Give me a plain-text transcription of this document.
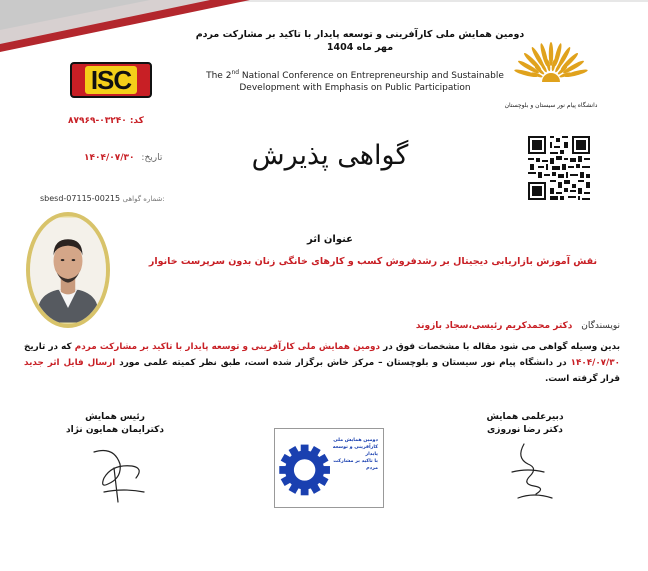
دومین همایش ملی کارآفرینی و توسعه پایدار با تاکید بر مشارکت مردم
مهر ماه 1404
The 2nd National Conference on Entrepreneurship and Sustainable
Development with Emphasis on Public Participation
ISC
کد: ۰۳۲۴۰-۸۷۹۶۹
دانشگاه پیام نور سیستان و بلوچستان
گواهی پذیرش
تاریخ: ۱۴۰۴/۰۷/۳۰
sbesd-07115-00215 شماره گواهی:
عنوان اثر
نقش آموزش بازاریابی دیجیتال بر رشدفروش کسب و کارهای خانگی زنان بدون سرپرست خانوار
نویسندگان دکتر محمدکریم رئیسی،سجاد بازوند
بدین وسیله گواهی می شود مقاله با مشخصات فوق در دومین همایش ملی کارآفرینی و توسعه پایدار با تاکید بر مشارکت مردم که در تاریخ ۱۴۰۴/۰۷/۳۰ در دانشگاه پیام نور سیستان و بلوچستان – مرکز خاش برگزار شده است، طبق نظر کمیته علمی مورد ارسال فایل اثر جدید قرار گرفته است.
رئیس همایش
دکترایمان همایون نژاد
دبیرعلمی همایش
دکتر رضا نوروزی
دومین همایش ملی
کارآفرینی و توسعه پایدار
با تاکید بر مشارکت مردم
